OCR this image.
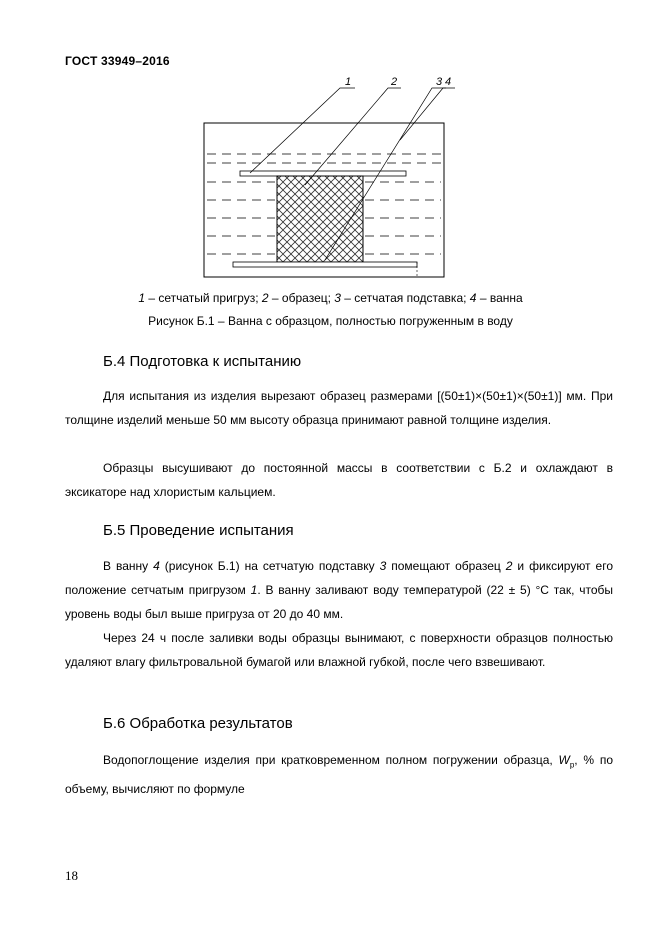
ГОСТ 33949–2016
1	2	3 4
1 – сетчатый пригруз; 2 – образец; 3 – сетчатая подставка; 4 – ванна
Рисунок Б.1 – Ванна с образцом, полностью погруженным в воду
Б.4 Подготовка к испытанию
Для испытания из изделия вырезают образец размерами [(50±1)×(50±1)×(50±1)] мм. При толщине изделий меньше 50 мм высоту образца принимают равной толщине изделия.
Образцы высушивают до постоянной массы в соответствии с Б.2 и охлаждают в эксикаторе над хлористым кальцием.
Б.5 Проведение испытания
В ванну 4 (рисунок Б.1) на сетчатую подставку 3 помещают образец 2 и фиксируют его положение сетчатым пригрузом 1. В ванну заливают воду температурой (22 ± 5) °С так, чтобы уровень воды был выше пригруза от 20 до 40 мм.
Через 24 ч после заливки воды образцы вынимают, с поверхности образцов полностью удаляют влагу фильтровальной бумагой или влажной губкой, после чего взвешивают.
Б.6 Обработка результатов
Водопоглощение изделия при кратковременном полном погружении образца, $W_p$, % по объему, вычисляют по формуле
18
